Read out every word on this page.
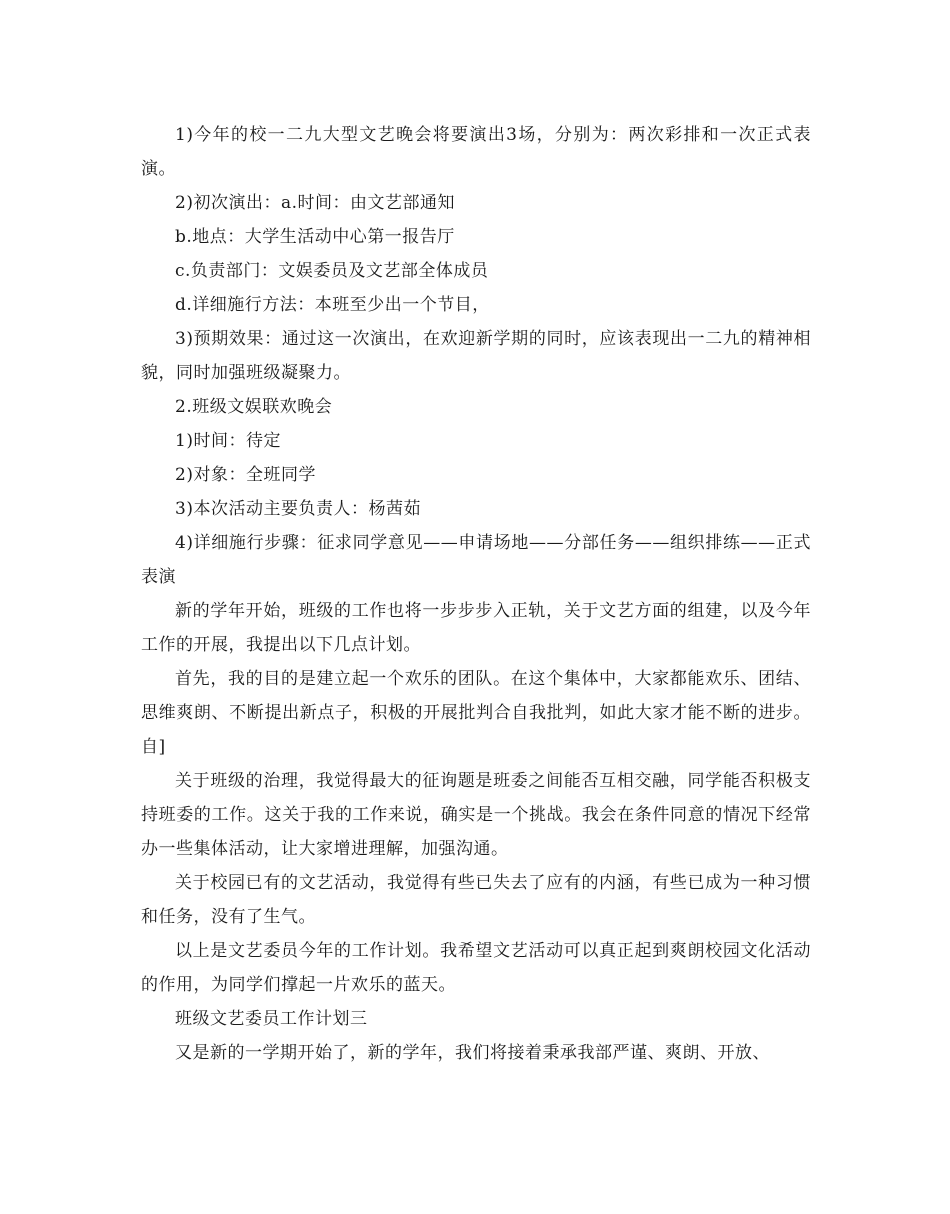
1)今年的校一二九大型文艺晚会将要演出3场，分别为：两次彩排和一次正式表演。

2)初次演出：a.时间：由文艺部通知

b.地点：大学生活动中心第一报告厅

c.负责部门：文娱委员及文艺部全体成员

d.详细施行方法：本班至少出一个节目，

3)预期效果：通过这一次演出，在欢迎新学期的同时，应该表现出一二九的精神相貌，同时加强班级凝聚力。

2.班级文娱联欢晚会

1)时间：待定

2)对象：全班同学

3)本次活动主要负责人：杨茜茹

4)详细施行步骤：征求同学意见——申请场地——分部任务——组织排练——正式表演

新的学年开始，班级的工作也将一步步步入正轨，关于文艺方面的组建，以及今年工作的开展，我提出以下几点计划。

首先，我的目的是建立起一个欢乐的团队。在这个集体中，大家都能欢乐、团结、思维爽朗、不断提出新点子，积极的开展批判合自我批判，如此大家才能不断的进步。自]

关于班级的治理，我觉得最大的征询题是班委之间能否互相交融，同学能否积极支持班委的工作。这关于我的工作来说，确实是一个挑战。我会在条件同意的情况下经常办一些集体活动，让大家增进理解，加强沟通。

关于校园已有的文艺活动，我觉得有些已失去了应有的内涵，有些已成为一种习惯和任务，没有了生气。

以上是文艺委员今年的工作计划。我希望文艺活动可以真正起到爽朗校园文化活动的作用，为同学们撑起一片欢乐的蓝天。

班级文艺委员工作计划三

又是新的一学期开始了，新的学年，我们将接着秉承我部严谨、爽朗、开放、
